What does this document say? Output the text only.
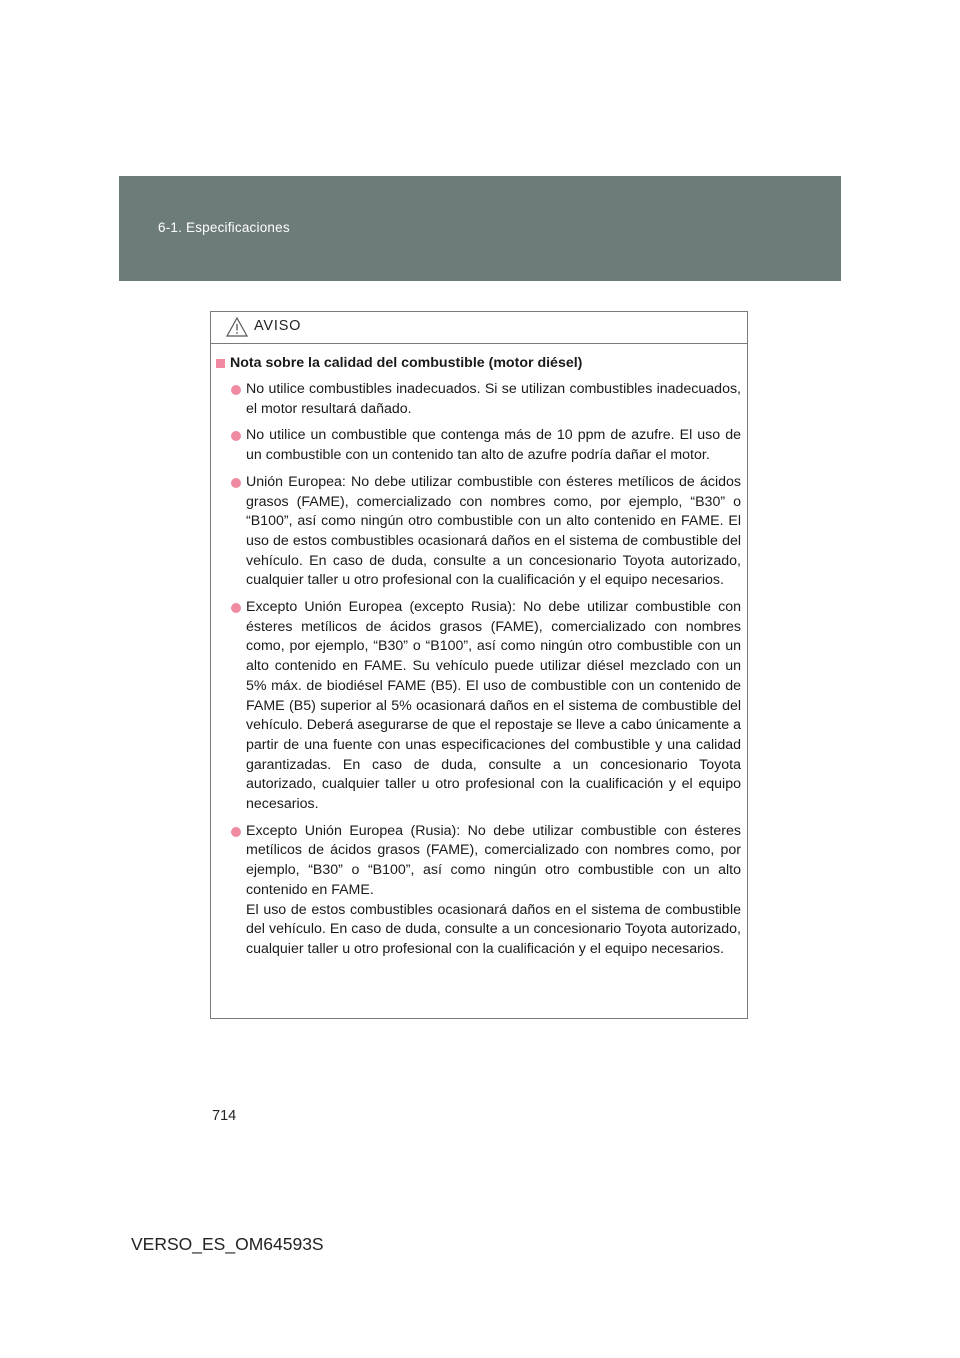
6-1. Especificaciones
AVISO
Nota sobre la calidad del combustible (motor diésel)
No utilice combustibles inadecuados. Si se utilizan combustibles inadecuados, el motor resultará dañado.
No utilice un combustible que contenga más de 10 ppm de azufre. El uso de un combustible con un contenido tan alto de azufre podría dañar el motor.
Unión Europea: No debe utilizar combustible con ésteres metílicos de ácidos grasos (FAME), comercializado con nombres como, por ejemplo, “B30” o “B100”, así como ningún otro combustible con un alto contenido en FAME. El uso de estos combustibles ocasionará daños en el sistema de combustible del vehículo. En caso de duda, consulte a un concesionario Toyota autorizado, cualquier taller u otro profesional con la cualificación y el equipo necesarios.
Excepto Unión Europea (excepto Rusia): No debe utilizar combustible con ésteres metílicos de ácidos grasos (FAME), comercializado con nombres como, por ejemplo, “B30” o “B100”, así como ningún otro combustible con un alto contenido en FAME. Su vehículo puede utilizar diésel mezclado con un 5% máx. de biodiésel FAME (B5). El uso de combustible con un contenido de FAME (B5) superior al 5% ocasionará daños en el sistema de combustible del vehículo. Deberá asegurarse de que el repostaje se lleve a cabo únicamente a partir de una fuente con unas especificaciones del combustible y una calidad garantizadas. En caso de duda, consulte a un concesionario Toyota autorizado, cualquier taller u otro profesional con la cualificación y el equipo necesarios.
Excepto Unión Europea (Rusia): No debe utilizar combustible con ésteres metílicos de ácidos grasos (FAME), comercializado con nombres como, por ejemplo, “B30” o “B100”, así como ningún otro combustible con un alto contenido en FAME.
El uso de estos combustibles ocasionará daños en el sistema de combustible del vehículo. En caso de duda, consulte a un concesionario Toyota autorizado, cualquier taller u otro profesional con la cualificación y el equipo necesarios.
714
VERSO_ES_OM64593S
